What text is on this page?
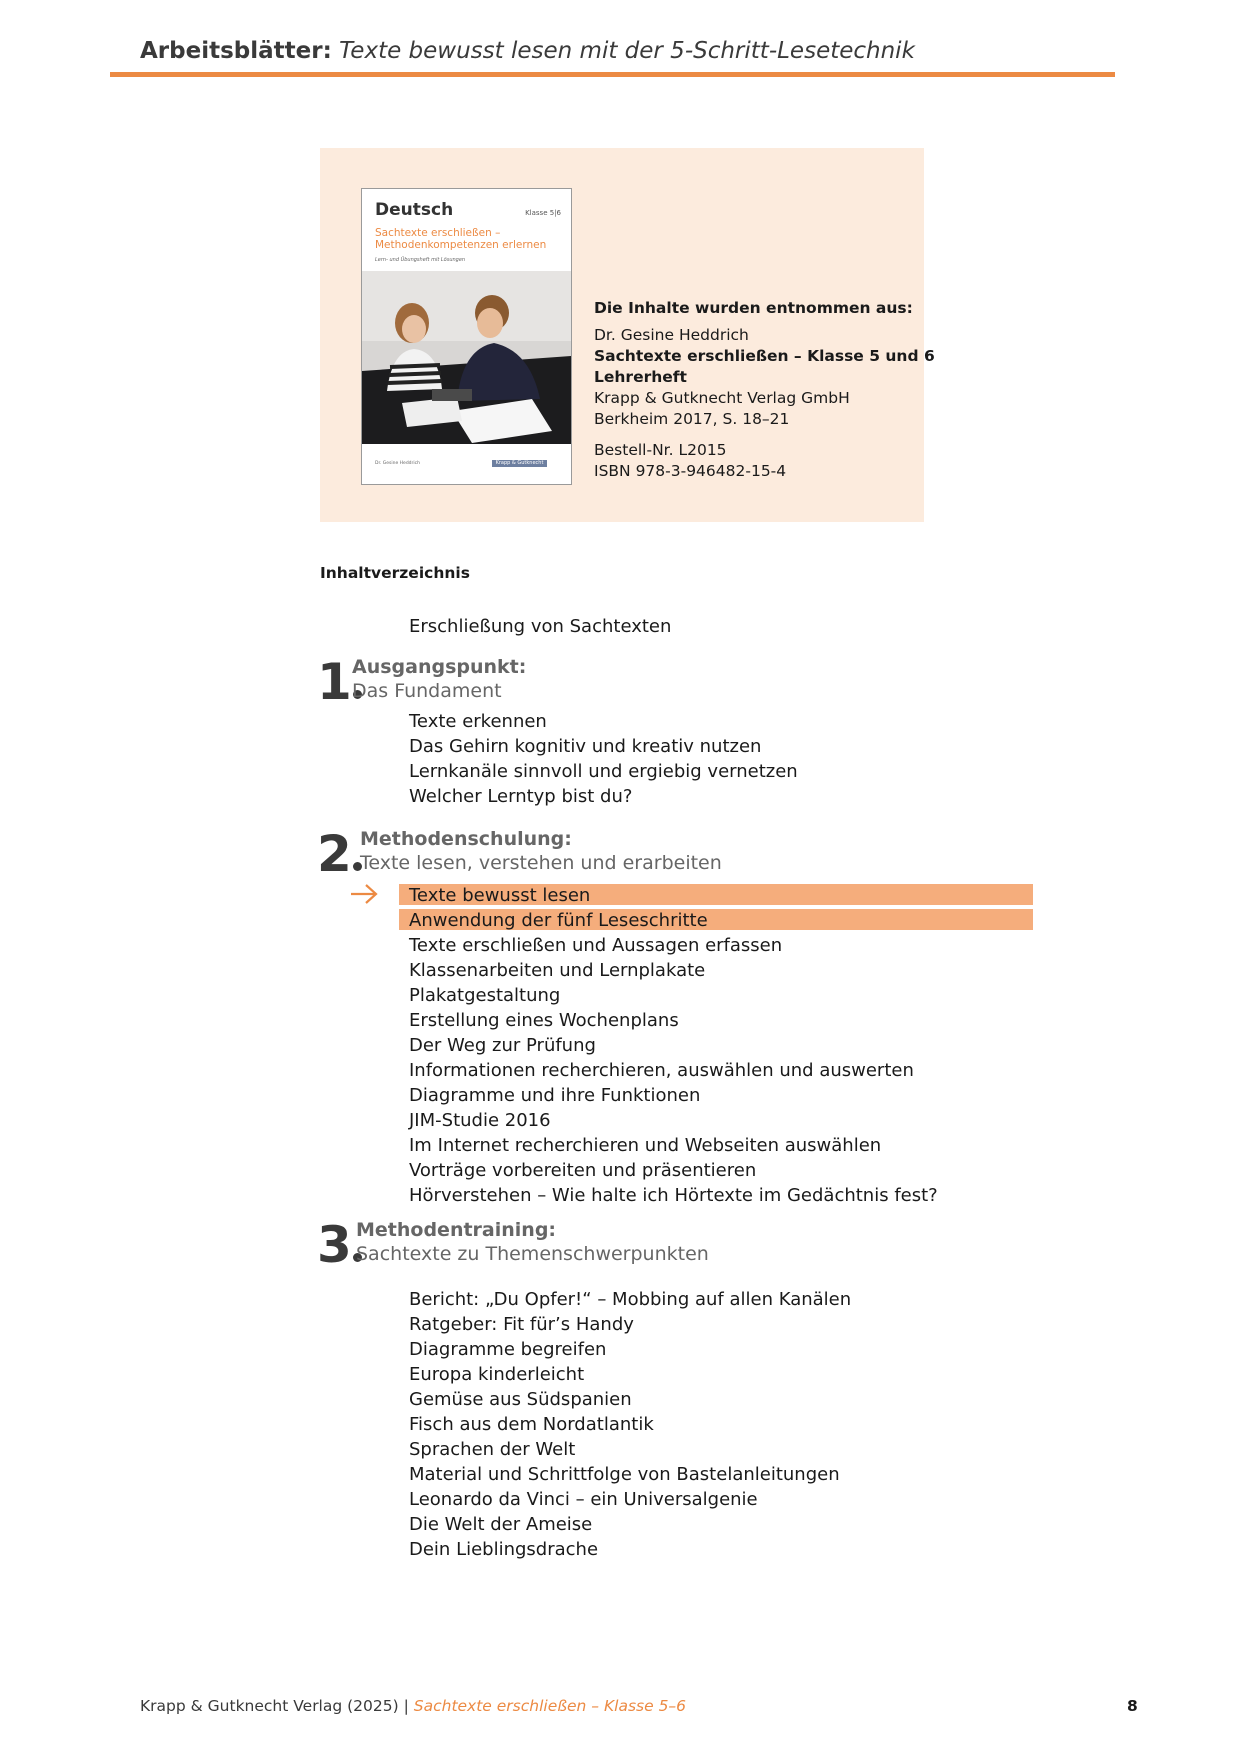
Arbeitsblätter: Texte bewusst lesen mit der 5-Schritt-Lesetechnik
Deutsch	Klasse 5|6
Sachtexte erschließen –
Methodenkompetenzen erlernen
Lern- und Übungsheft mit Lösungen
Dr. Gesine Heddrich	Krapp & Gutknecht
Die Inhalte wurden entnommen aus:
Dr. Gesine Heddrich
Sachtexte erschließen – Klasse 5 und 6
Lehrerheft
Krapp & Gutknecht Verlag GmbH
Berkheim 2017, S. 18–21
Bestell-Nr. L2015
ISBN 978-3-946482-15-4
Inhaltverzeichnis
Erschließung von Sachtexten
1 Ausgangspunkt:
Das Fundament
Texte erkennen
Das Gehirn kognitiv und kreativ nutzen
Lernkanäle sinnvoll und ergiebig vernetzen
Welcher Lerntyp bist du?
2 Methodenschulung:
Texte lesen, verstehen und erarbeiten
Texte bewusst lesen
Anwendung der fünf Leseschritte
Texte erschließen und Aussagen erfassen
Klassenarbeiten und Lernplakate
Plakatgestaltung
Erstellung eines Wochenplans
Der Weg zur Prüfung
Informationen recherchieren, auswählen und auswerten
Diagramme und ihre Funktionen
JIM-Studie 2016
Im Internet recherchieren und Webseiten auswählen
Vorträge vorbereiten und präsentieren
Hörverstehen – Wie halte ich Hörtexte im Gedächtnis fest?
3 Methodentraining:
Sachtexte zu Themenschwerpunkten
Bericht: „Du Opfer!“ – Mobbing auf allen Kanälen
Ratgeber: Fit für’s Handy
Diagramme begreifen
Europa kinderleicht
Gemüse aus Südspanien
Fisch aus dem Nordatlantik
Sprachen der Welt
Material und Schrittfolge von Bastelanleitungen
Leonardo da Vinci – ein Universalgenie
Die Welt der Ameise
Dein Lieblingsdrache
Krapp & Gutknecht Verlag (2025) | Sachtexte erschließen – Klasse 5–6	8
